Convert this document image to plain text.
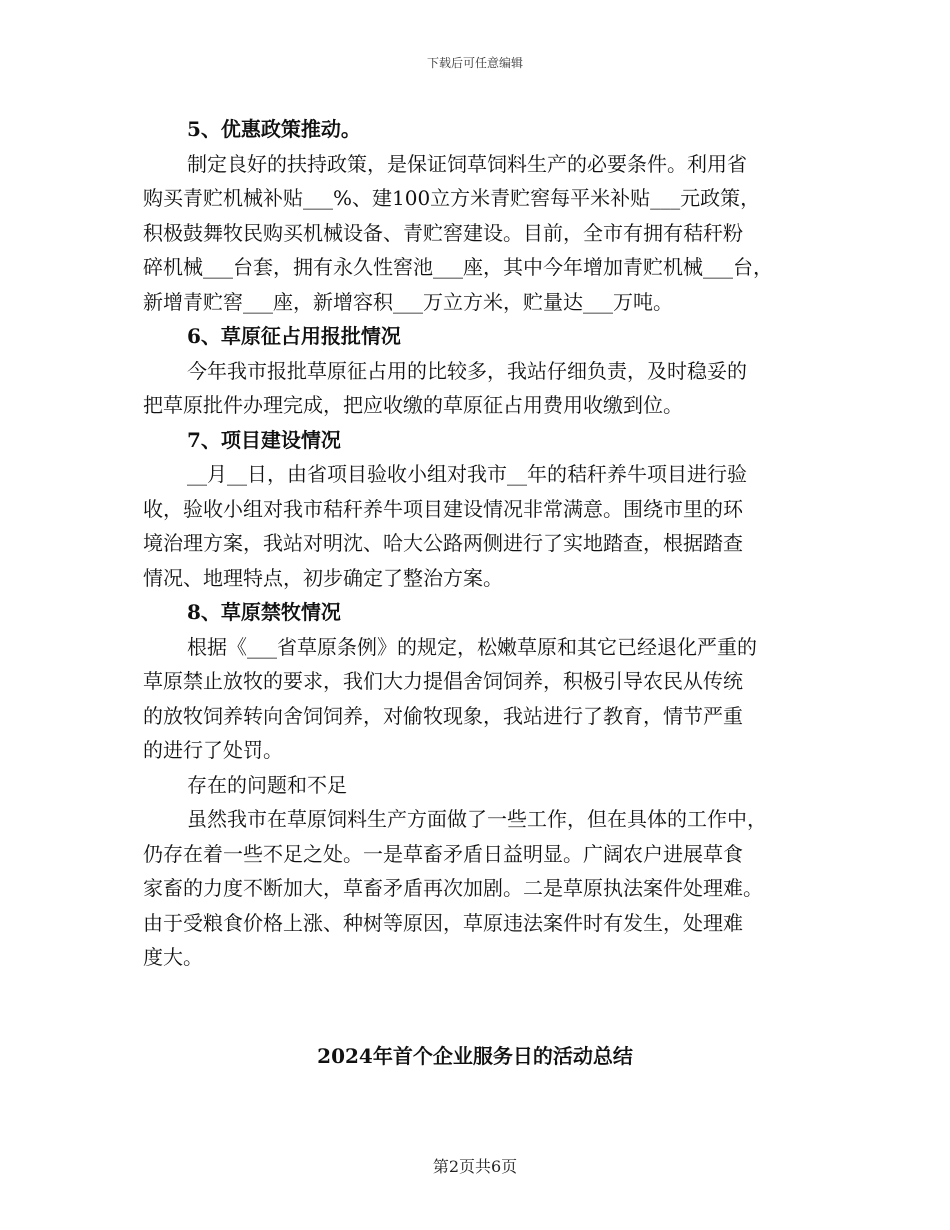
下载后可任意编辑
5、优惠政策推动。
制定良好的扶持政策，是保证饲草饲料生产的必要条件。利用省
购买青贮机械补贴___%、建100立方米青贮窖每平米补贴___元政策，
积极鼓舞牧民购买机械设备、青贮窖建设。目前，全市有拥有秸秆粉
碎机械___台套，拥有永久性窖池___座，其中今年增加青贮机械___台，
新增青贮窖___座，新增容积___万立方米，贮量达___万吨。
6、草原征占用报批情况
今年我市报批草原征占用的比较多，我站仔细负责，及时稳妥的
把草原批件办理完成，把应收缴的草原征占用费用收缴到位。
7、项目建设情况
__月__日，由省项目验收小组对我市__年的秸秆养牛项目进行验
收，验收小组对我市秸秆养牛项目建设情况非常满意。围绕市里的环
境治理方案，我站对明沈、哈大公路两侧进行了实地踏查，根据踏查
情况、地理特点，初步确定了整治方案。
8、草原禁牧情况
根据《___省草原条例》的规定，松嫩草原和其它已经退化严重的
草原禁止放牧的要求，我们大力提倡舍饲饲养，积极引导农民从传统
的放牧饲养转向舍饲饲养，对偷牧现象，我站进行了教育，情节严重
的进行了处罚。
存在的问题和不足
虽然我市在草原饲料生产方面做了一些工作，但在具体的工作中，
仍存在着一些不足之处。一是草畜矛盾日益明显。广阔农户进展草食
家畜的力度不断加大，草畜矛盾再次加剧。二是草原执法案件处理难。
由于受粮食价格上涨、种树等原因，草原违法案件时有发生，处理难
度大。
2024年首个企业服务日的活动总结
第2页共6页
